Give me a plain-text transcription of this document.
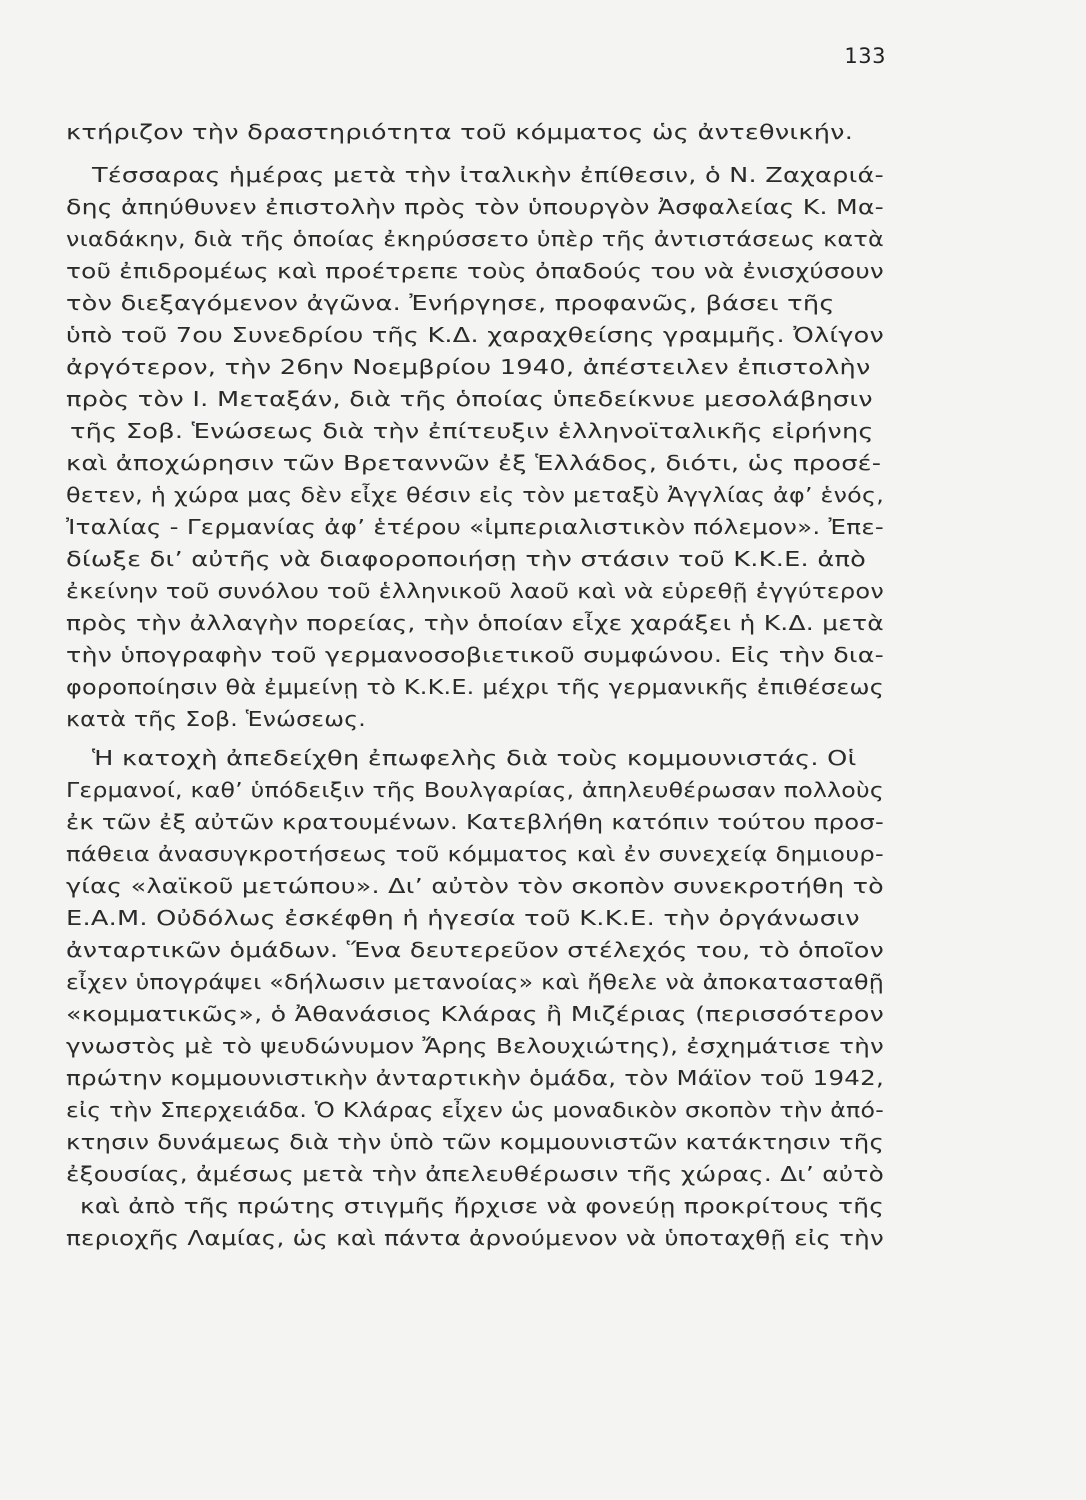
133
κτήριζον τὴν δραστηριότητα τοῦ κόμματος ὡς ἀντεθνικήν.
Τέσσαρας ἡμέρας μετὰ τὴν ἰταλικὴν ἐπίθεσιν, ὁ Ν. Ζαχαριά-
δης ἀπηύθυνεν ἐπιστολὴν πρὸς τὸν ὑπουργὸν Ἀσφαλείας Κ. Μα-
νιαδάκην, διὰ τῆς ὁποίας ἐκηρύσσετο ὑπὲρ τῆς ἀντιστάσεως κατὰ
τοῦ ἐπιδρομέως καὶ προέτρεπε τοὺς ὀπαδούς του νὰ ἐνισχύσουν
τὸν διεξαγόμενον ἀγῶνα. Ἐνήργησε, προφανῶς, βάσει τῆς
ὑπὸ τοῦ 7ου Συνεδρίου τῆς Κ.Δ. χαραχθείσης γραμμῆς. Ὀλίγον
ἀργότερον, τὴν 26ην Νοεμβρίου 1940, ἀπέστειλεν ἐπιστολὴν
πρὸς τὸν Ι. Μεταξάν, διὰ τῆς ὁποίας ὑπεδείκνυε μεσολάβησιν
τῆς Σοβ. Ἑνώσεως διὰ τὴν ἐπίτευξιν ἑλληνοϊταλικῆς εἰρήνης
καὶ ἀποχώρησιν τῶν Βρεταννῶν ἐξ Ἑλλάδος, διότι, ὡς προσέ-
θετεν, ἡ χώρα μας δὲν εἶχε θέσιν εἰς τὸν μεταξὺ Ἀγγλίας ἀφ’ ἑνός,
Ἰταλίας - Γερμανίας ἀφ’ ἑτέρου «ἰμπεριαλιστικὸν πόλεμον». Ἐπε-
δίωξε δι’ αὐτῆς νὰ διαφοροποιήσῃ τὴν στάσιν τοῦ Κ.Κ.Ε. ἀπὸ
ἐκείνην τοῦ συνόλου τοῦ ἑλληνικοῦ λαοῦ καὶ νὰ εὑρεθῇ ἐγγύτερον
πρὸς τὴν ἀλλαγὴν πορείας, τὴν ὁποίαν εἶχε χαράξει ἡ Κ.Δ. μετὰ
τὴν ὑπογραφὴν τοῦ γερμανοσοβιετικοῦ συμφώνου. Εἰς τὴν δια-
φοροποίησιν θὰ ἐμμείνῃ τὸ Κ.Κ.Ε. μέχρι τῆς γερμανικῆς ἐπιθέσεως
κατὰ τῆς Σοβ. Ἑνώσεως.
Ἡ κατοχὴ ἀπεδείχθη ἐπωφελὴς διὰ τοὺς κομμουνιστάς. Οἱ
Γερμανοί, καθ’ ὑπόδειξιν τῆς Βουλγαρίας, ἀπηλευθέρωσαν πολλοὺς
ἐκ τῶν ἐξ αὐτῶν κρατουμένων. Κατεβλήθη κατόπιν τούτου προσ-
πάθεια ἀνασυγκροτήσεως τοῦ κόμματος καὶ ἐν συνεχείᾳ δημιουρ-
γίας «λαϊκοῦ μετώπου». Δι’ αὐτὸν τὸν σκοπὸν συνεκροτήθη τὸ
Ε.Α.Μ. Οὐδόλως ἐσκέφθη ἡ ἡγεσία τοῦ Κ.Κ.Ε. τὴν ὀργάνωσιν
ἀνταρτικῶν ὁμάδων. Ἕνα δευτερεῦον στέλεχός του, τὸ ὁποῖον
εἶχεν ὑπογράψει «δήλωσιν μετανοίας» καὶ ἤθελε νὰ ἀποκατασταθῇ
«κομματικῶς», ὁ Ἀθανάσιος Κλάρας ἢ Μιζέριας (περισσότερον
γνωστὸς μὲ τὸ ψευδώνυμον Ἄρης Βελουχιώτης), ἐσχημάτισε τὴν
πρώτην κομμουνιστικὴν ἀνταρτικὴν ὁμάδα, τὸν Μάϊον τοῦ 1942,
εἰς τὴν Σπερχειάδα. Ὁ Κλάρας εἶχεν ὡς μοναδικὸν σκοπὸν τὴν ἀπό-
κτησιν δυνάμεως διὰ τὴν ὑπὸ τῶν κομμουνιστῶν κατάκτησιν τῆς
ἐξουσίας, ἀμέσως μετὰ τὴν ἀπελευθέρωσιν τῆς χώρας. Δι’ αὐτὸ
καὶ ἀπὸ τῆς πρώτης στιγμῆς ἤρχισε νὰ φονεύῃ προκρίτους τῆς
περιοχῆς Λαμίας, ὡς καὶ πάντα ἀρνούμενον νὰ ὑποταχθῇ εἰς τὴν
